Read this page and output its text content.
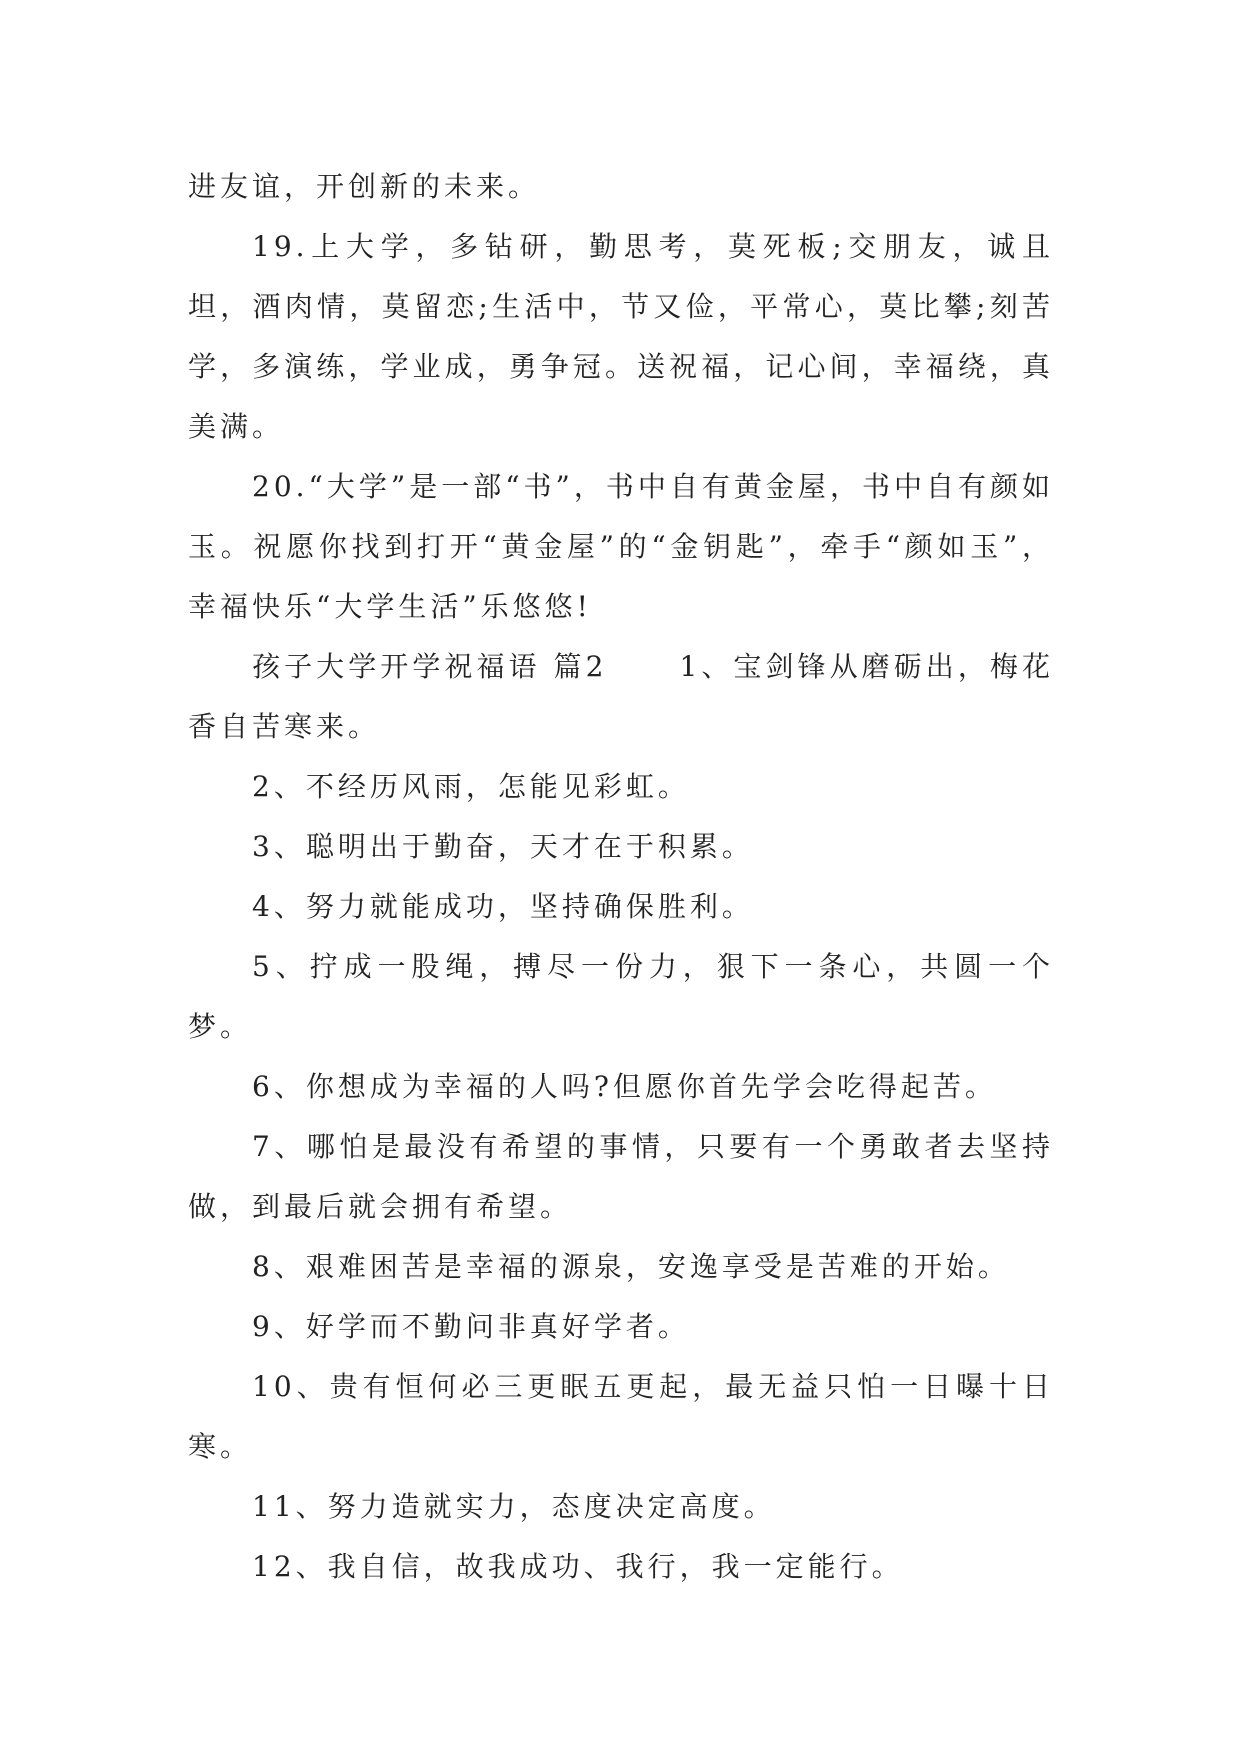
进友谊，开创新的未来。

19.上大学，多钻研，勤思考，莫死板;交朋友，诚且坦，酒肉情，莫留恋;生活中，节又俭，平常心，莫比攀;刻苦学，多演练，学业成，勇争冠。送祝福，记心间，幸福绕，真美满。

20.“大学”是一部“书”，书中自有黄金屋，书中自有颜如玉。祝愿你找到打开“黄金屋”的“金钥匙”，牵手“颜如玉”，幸福快乐“大学生活”乐悠悠!

孩子大学开学祝福语 篇2	1、宝剑锋从磨砺出，梅花香自苦寒来。

2、不经历风雨，怎能见彩虹。

3、聪明出于勤奋，天才在于积累。

4、努力就能成功，坚持确保胜利。

5、拧成一股绳，搏尽一份力，狠下一条心，共圆一个梦。

6、你想成为幸福的人吗?但愿你首先学会吃得起苦。

7、哪怕是最没有希望的事情，只要有一个勇敢者去坚持做，到最后就会拥有希望。

8、艰难困苦是幸福的源泉，安逸享受是苦难的开始。

9、好学而不勤问非真好学者。

10、贵有恒何必三更眠五更起，最无益只怕一日曝十日寒。

11、努力造就实力，态度决定高度。

12、我自信，故我成功、我行，我一定能行。
